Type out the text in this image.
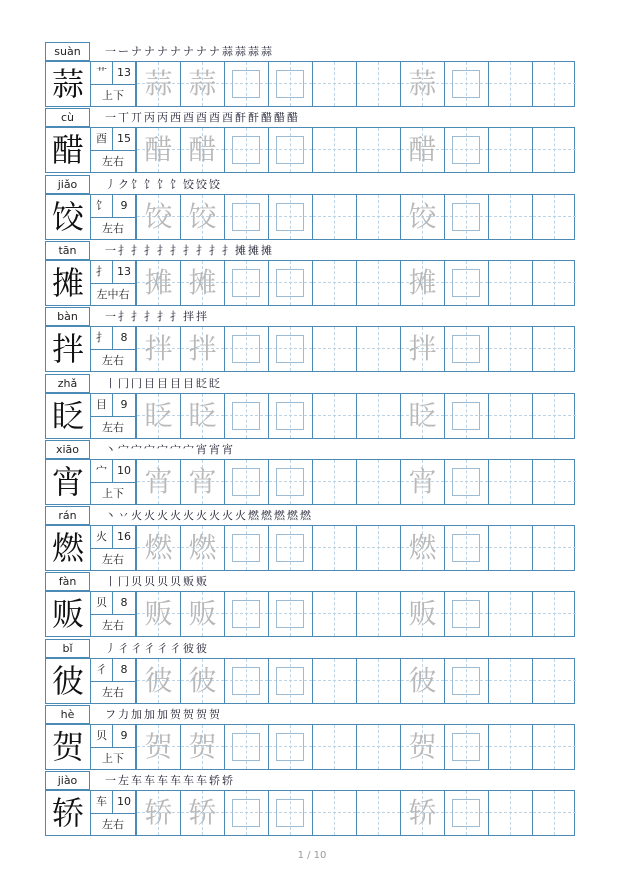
suàn	一ーナナナナナナナ蒜蒜蒜蒜
蒜	艹 13
上下 蒜 蒜	蒜
cù	一丅丌丙丙西酉酉酉酉酐酐醋醋醋
醋	酉 15
左右 醋 醋	醋
jiǎo	丿ク饣饣饣饣饺饺饺
饺	饣	9
左右 饺 饺	饺
tān	一扌扌扌扌扌扌扌扌扌摊摊摊
摊	扌 13
左中右 摊 摊	摊
bàn	一扌扌扌扌扌拌拌
拌	扌	8
左右 拌 拌	拌
zhǎ	丨冂冂目目目目眨眨
眨	目	9
左右 眨 眨	眨
xiāo	丶宀宀宀宀宀宀宵宵宵
宵	宀 10
上下 宵 宵	宵
rán	丶丷火火火火火火火火火燃燃燃燃燃
燃	火 16
左右 燃 燃	燃
fàn	丨冂贝贝贝贝贩贩
贩	贝	8
左右 贩 贩	贩
bǐ	丿彳彳彳彳彳彼彼
彼	彳	8
左右 彼 彼	彼
hè	フ力加加加贺贺贺贺
贺	贝	9
上下 贺 贺	贺
jiào	一左车车车车车车轿轿
轿	车 10
左右 轿 轿	轿
1 / 10
